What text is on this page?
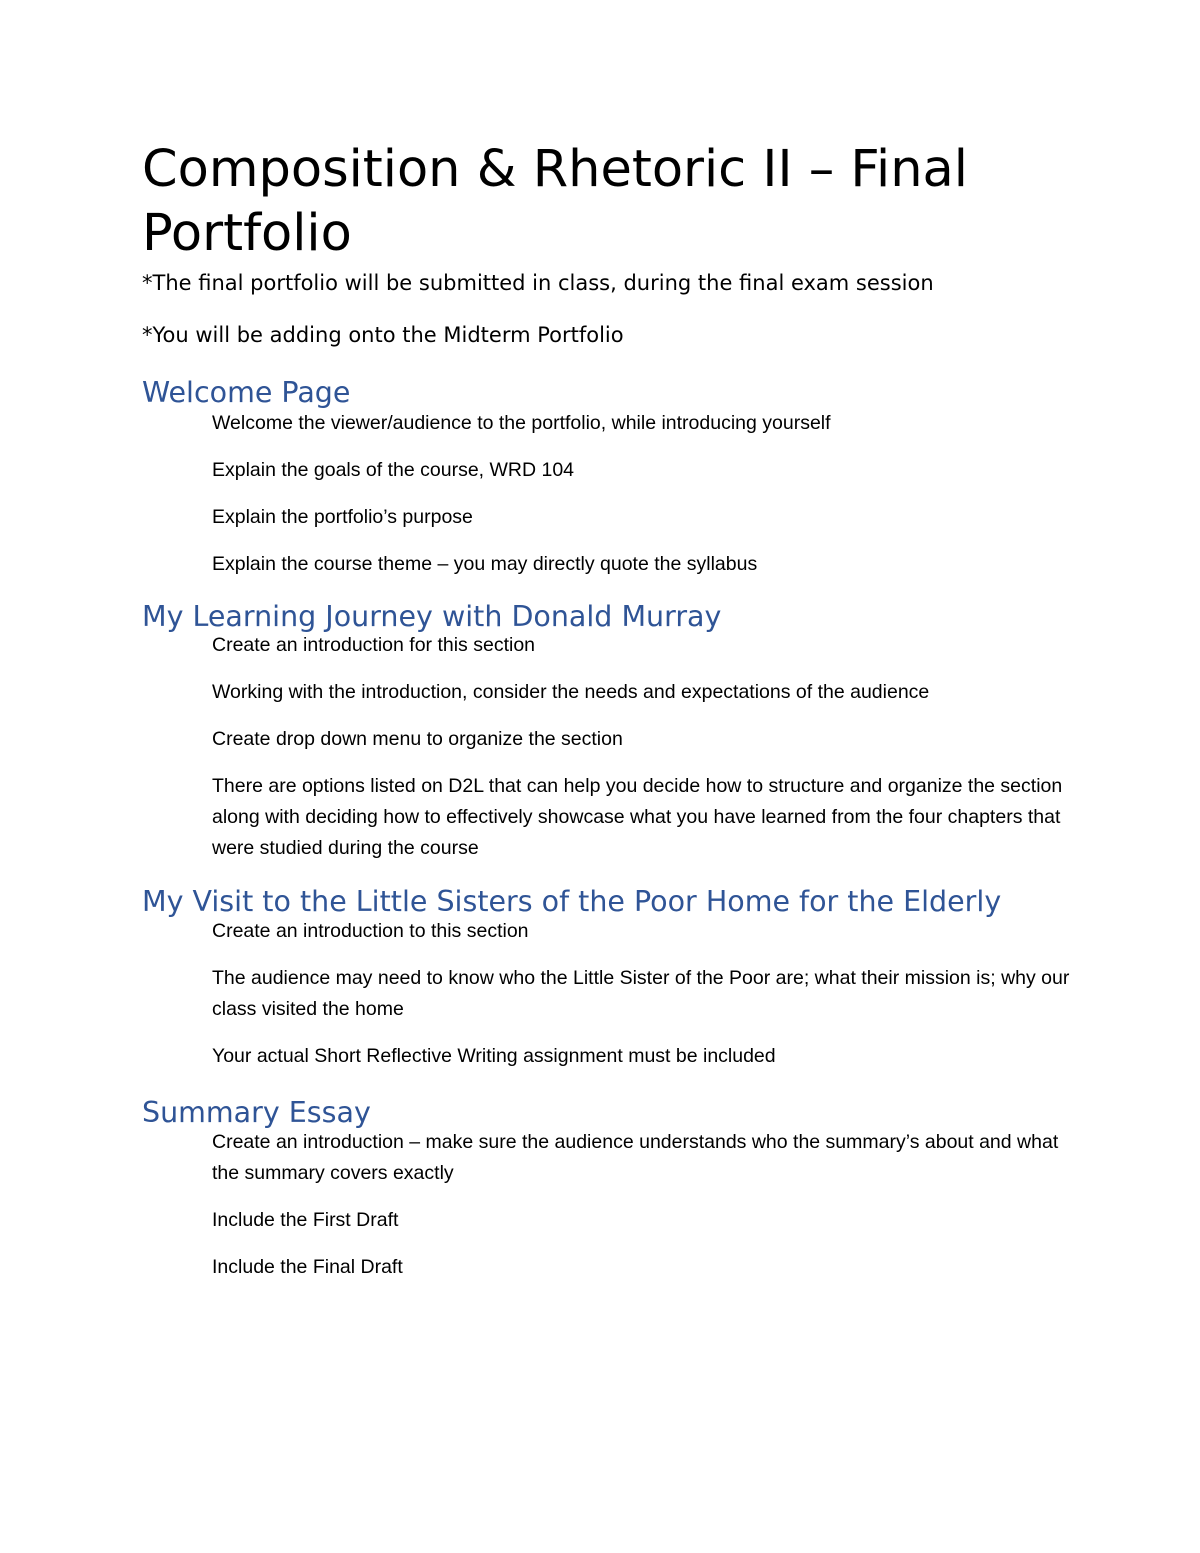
Composition & Rhetoric II – Final Portfolio

*The final portfolio will be submitted in class, during the final exam session

*You will be adding onto the Midterm Portfolio

Welcome Page
Welcome the viewer/audience to the portfolio, while introducing yourself
Explain the goals of the course, WRD 104
Explain the portfolio’s purpose
Explain the course theme – you may directly quote the syllabus
My Learning Journey with Donald Murray
Create an introduction for this section
Working with the introduction, consider the needs and expectations of the audience
Create drop down menu to organize the section
There are options listed on D2L that can help you decide how to structure and organize the section along with deciding how to effectively showcase what you have learned from the four chapters that were studied during the course
My Visit to the Little Sisters of the Poor Home for the Elderly
Create an introduction to this section
The audience may need to know who the Little Sister of the Poor are; what their mission is; why our class visited the home
Your actual Short Reflective Writing assignment must be included
Summary Essay
Create an introduction – make sure the audience understands who the summary’s about and what the summary covers exactly
Include the First Draft
Include the Final Draft
